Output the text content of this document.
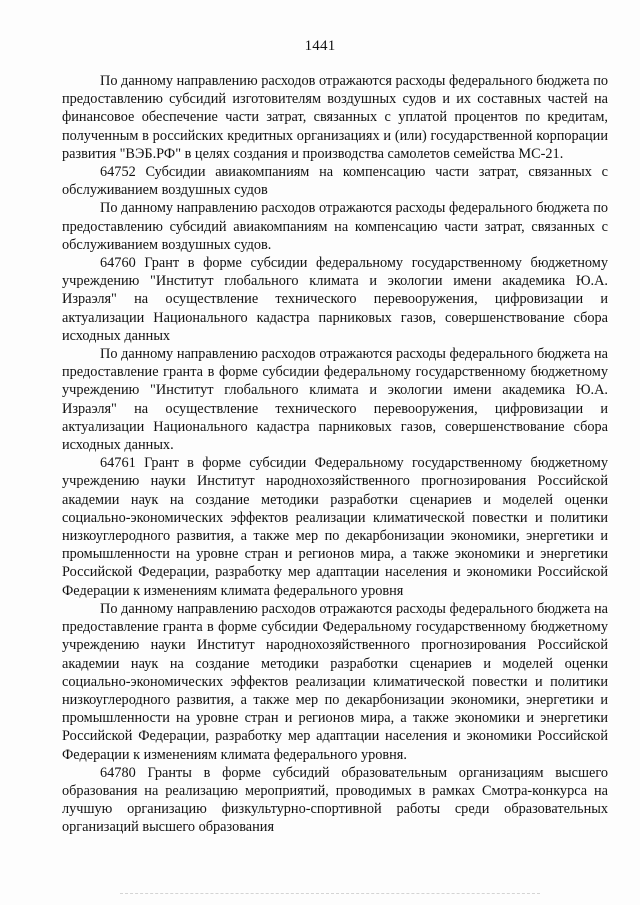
1441

По данному направлению расходов отражаются расходы федерального бюджета по предоставлению субсидий изготовителям воздушных судов и их составных частей на финансовое обеспечение части затрат, связанных с уплатой процентов по кредитам, полученным в российских кредитных организациях и (или) государственной корпорации развития "ВЭБ.РФ" в целях создания и производства самолетов семейства МС-21.

64752 Субсидии авиакомпаниям на компенсацию части затрат, связанных с обслуживанием воздушных судов

По данному направлению расходов отражаются расходы федерального бюджета по предоставлению субсидий авиакомпаниям на компенсацию части затрат, связанных с обслуживанием воздушных судов.

64760 Грант в форме субсидии федеральному государственному бюджетному учреждению "Институт глобального климата и экологии имени академика Ю.А. Израэля" на осуществление технического перевооружения, цифровизации и актуализации Национального кадастра парниковых газов, совершенствование сбора исходных данных

По данному направлению расходов отражаются расходы федерального бюджета на предоставление гранта в форме субсидии федеральному государственному бюджетному учреждению "Институт глобального климата и экологии имени академика Ю.А. Израэля" на осуществление технического перевооружения, цифровизации и актуализации Национального кадастра парниковых газов, совершенствование сбора исходных данных.

64761 Грант в форме субсидии Федеральному государственному бюджетному учреждению науки Институт народнохозяйственного прогнозирования Российской академии наук на создание методики разработки сценариев и моделей оценки социально-экономических эффектов реализации климатической повестки и политики низкоуглеродного развития, а также мер по декарбонизации экономики, энергетики и промышленности на уровне стран и регионов мира, а также экономики и энергетики Российской Федерации, разработку мер адаптации населения и экономики Российской Федерации к изменениям климата федерального уровня

По данному направлению расходов отражаются расходы федерального бюджета на предоставление гранта в форме субсидии Федеральному государственному бюджетному учреждению науки Институт народнохозяйственного прогнозирования Российской академии наук на создание методики разработки сценариев и моделей оценки социально-экономических эффектов реализации климатической повестки и политики низкоуглеродного развития, а также мер по декарбонизации экономики, энергетики и промышленности на уровне стран и регионов мира, а также экономики и энергетики Российской Федерации, разработку мер адаптации населения и экономики Российской Федерации к изменениям климата федерального уровня.

64780 Гранты в форме субсидий образовательным организациям высшего образования на реализацию мероприятий, проводимых в рамках Смотра-конкурса на лучшую организацию физкультурно-спортивной работы среди образовательных организаций высшего образования
